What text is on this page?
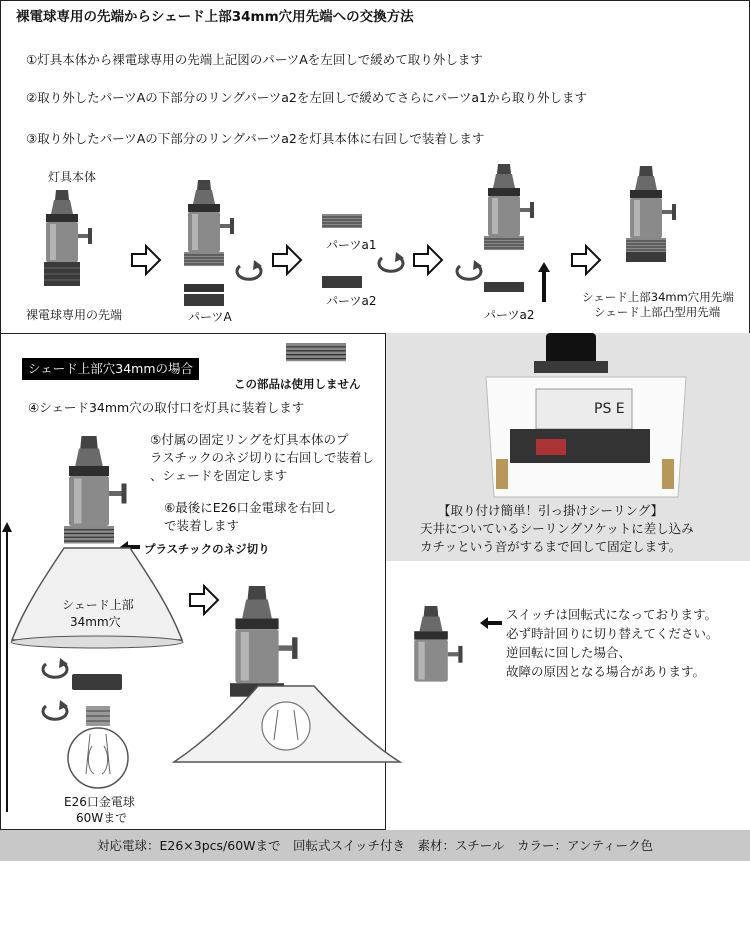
裸電球専用の先端からシェード上部34mm穴用先端への交換方法
①灯具本体から裸電球専用の先端上記図のパーツAを左回しで緩めて取り外します
②取り外したパーツAの下部分のリングパーツa2を左回しで緩めてさらにパーツa1から取り外します
③取り外したパーツAの下部分のリングパーツa2を灯具本体に右回しで装着します
灯具本体
裸電球専用の先端	パーツA
パーツa1
パーツa2
パーツa2
シェード上部34mm穴用先端
シェード上部凸型用先端
シェード上部穴34mmの場合
この部品は使用しません
④シェード34mm穴の取付口を灯具に装着します
⑤付属の固定リングを灯具本体のプ
ラスチックのネジ切りに右回しで装着し
、シェードを固定します
⑥最後にE26口金電球を右回し
で装着します
プラスチックのネジ切り
シェード上部
34mm穴
E26口金電球
60Wまで
PS E
【取り付け簡単！引っ掛けシーリング】
天井についているシーリングソケットに差し込み
カチッという音がするまで回して固定します。
スイッチは回転式になっております。
必ず時計回りに切り替えてください。
逆回転に回した場合、
故障の原因となる場合があります。
対応電球：E26×3pcs/60Wまで　回転式スイッチ付き　素材：スチール　カラー：アンティーク色
